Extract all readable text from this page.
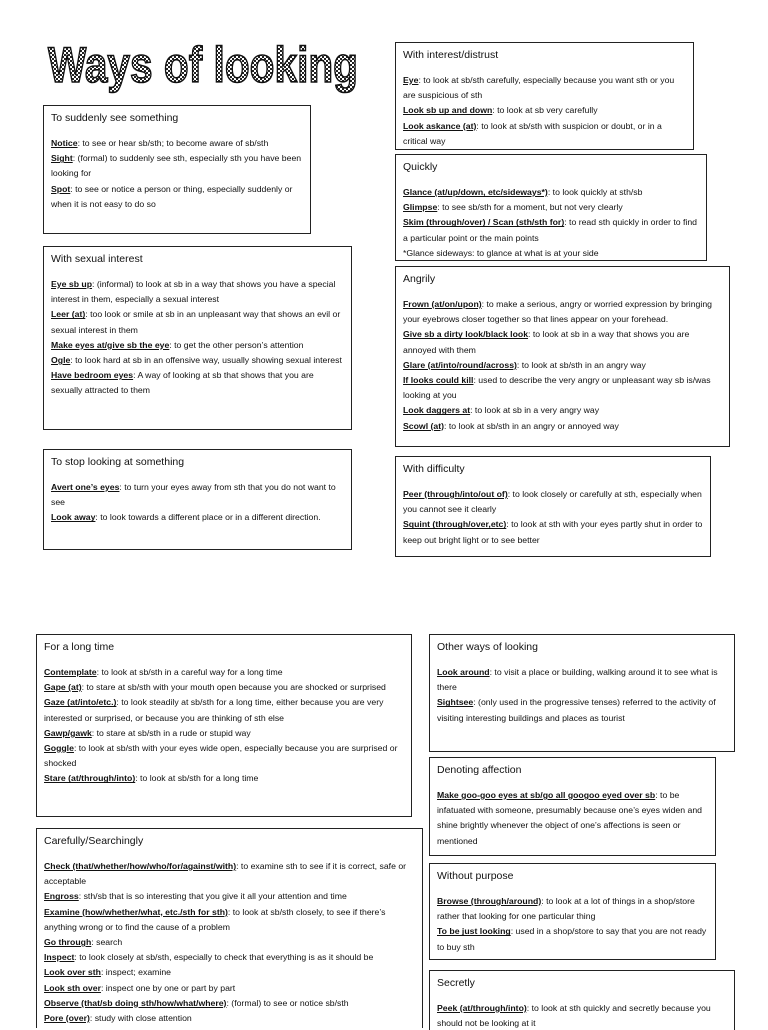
Ways of looking
To suddenly see something

Notice: to see or hear sb/sth; to become aware of sb/sth

Sight: (formal) to suddenly see sth, especially sth you have been looking for

Spot: to see or notice a person or thing, especially suddenly or when it is not easy to do so

With sexual interest

Eye sb up: (informal) to look at sb in a way that shows you have a special interest in them, especially a sexual interest

Leer (at): too look or smile at sb in an unpleasant way that shows an evil or sexual interest in them

Make eyes at/give sb the eye: to get the other person’s attention

Ogle: to look hard at sb in an offensive way, usually showing sexual interest

Have bedroom eyes: A way of looking at sb that shows that you are sexually attracted to them

To stop looking at something

Avert one’s eyes: to turn your eyes away from sth that you do not want to see

Look away: to look towards a different place or in a different direction.

With interest/distrust

Eye: to look at sb/sth carefully, especially because you want sth or you are suspicious of sth

Look sb up and down: to look at sb very carefully

Look askance (at): to look at sb/sth with suspicion or doubt, or in a critical way

Quickly

Glance (at/up/down, etc/sideways*): to look quickly at sth/sb

Glimpse: to see sb/sth for a moment, but not very clearly

Skim (through/over) / Scan (sth/sth for): to read sth quickly in order to find a particular point or the main points

*Glance sideways: to glance at what is at your side

Angrily

Frown (at/on/upon): to make a serious, angry or worried expression by bringing your eyebrows closer together so that lines appear on your forehead.

Give sb a dirty look/black look: to look at sb in a way that shows you are annoyed with them

Glare (at/into/round/across): to look at sb/sth in an angry way

If looks could kill: used to describe the very angry or unpleasant way sb is/was looking at you

Look daggers at: to look at sb in a very angry way

Scowl (at): to look at sb/sth in an angry or annoyed way

With difficulty

Peer (through/into/out of): to look closely or carefully at sth, especially when you cannot see it clearly

Squint (through/over,etc): to look at sth with your eyes partly shut in order to keep out bright light or to see better

For a long time

Contemplate: to look at sb/sth in a careful way for a long time

Gape (at): to stare at sb/sth with your mouth open because you are shocked or surprised

Gaze (at/into/etc.): to look steadily at sb/sth for a long time, either because you are very interested or surprised, or because you are thinking of sth else

Gawp/gawk: to stare at sb/sth in a rude or stupid way

Goggle: to look at sb/sth with your eyes wide open, especially because you are surprised or shocked

Stare (at/through/into): to look at sb/sth for a long time

Carefully/Searchingly

Check (that/whether/how/who/for/against/with): to examine sth to see if it is correct, safe or acceptable

Engross: sth/sb that is so interesting that you give it all your attention and time

Examine (how/whether/what, etc./sth for sth): to look at sb/sth closely, to see if there’s anything wrong or to find the cause of a problem

Go through: search

Inspect: to look closely at sb/sth, especially to check that everything is as it should be

Look over sth: inspect; examine

Look sth over: inspect one by one or part by part

Observe (that/sb doing sth/how/what/where): (formal) to see or notice sb/sth

Pore (over): study with close attention

Other ways of looking

Look around: to visit a place or building, walking around it to see what is there

Sightsee: (only used in the progressive tenses) referred to the activity of visiting interesting buildings and places as tourist

Denoting affection

Make goo-goo eyes at sb/go all googoo eyed over sb: to be infatuated with someone, presumably because one’s eyes widen and shine brightly whenever the object of one’s affections is seen or mentioned

Without purpose

Browse (through/around): to look at a lot of things in a shop/store rather that looking for one particular thing

To be just looking: used in a shop/store to say that you are not ready to buy sth

Secretly

Peek (at/through/into): to look at sth quickly and secretly because you should not be looking at it
